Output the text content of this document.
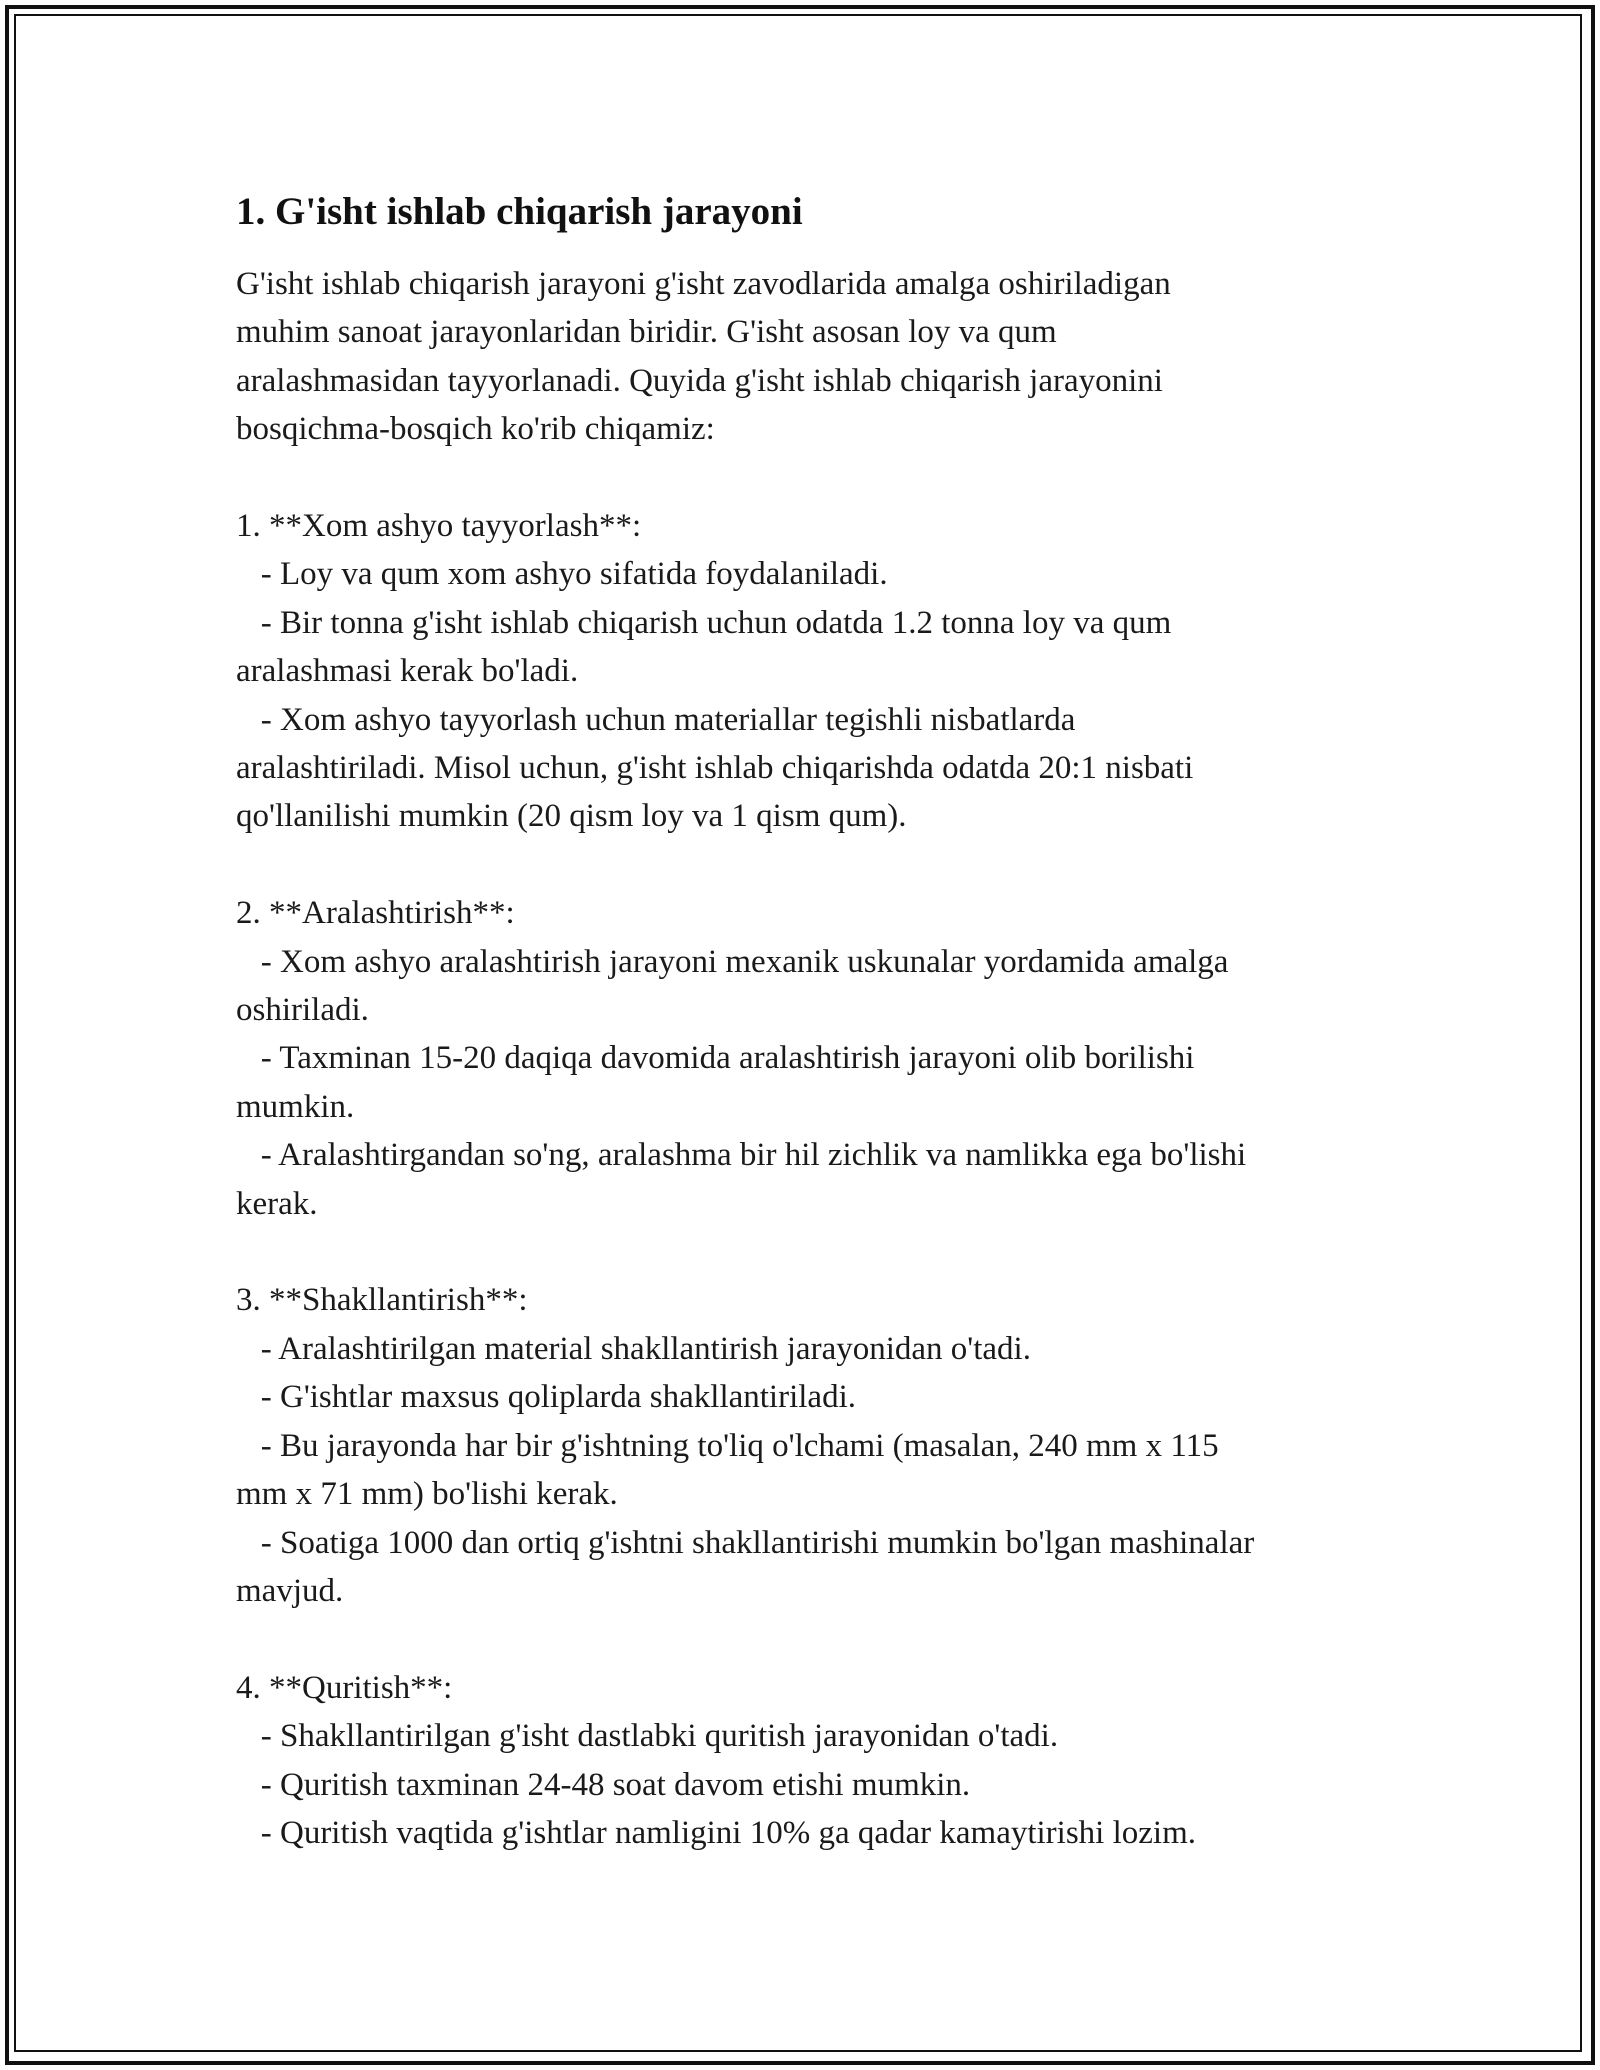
1. G'isht ishlab chiqarish jarayoni

G'isht ishlab chiqarish jarayoni g'isht zavodlarida amalga oshiriladigan

muhim sanoat jarayonlaridan biridir. G'isht asosan loy va qum

aralashmasidan tayyorlanadi. Quyida g'isht ishlab chiqarish jarayonini

bosqichma-bosqich ko'rib chiqamiz:

1. **Xom ashyo tayyorlash**:

- Loy va qum xom ashyo sifatida foydalaniladi.

- Bir tonna g'isht ishlab chiqarish uchun odatda 1.2 tonna loy va qum

aralashmasi kerak bo'ladi.

- Xom ashyo tayyorlash uchun materiallar tegishli nisbatlarda

aralashtiriladi. Misol uchun, g'isht ishlab chiqarishda odatda 20:1 nisbati

qo'llanilishi mumkin (20 qism loy va 1 qism qum).

2. **Aralashtirish**:

- Xom ashyo aralashtirish jarayoni mexanik uskunalar yordamida amalga

oshiriladi.

- Taxminan 15-20 daqiqa davomida aralashtirish jarayoni olib borilishi

mumkin.

- Aralashtirgandan so'ng, aralashma bir hil zichlik va namlikka ega bo'lishi

kerak.

3. **Shakllantirish**:

- Aralashtirilgan material shakllantirish jarayonidan o'tadi.

- G'ishtlar maxsus qoliplarda shakllantiriladi.

- Bu jarayonda har bir g'ishtning to'liq o'lchami (masalan, 240 mm x 115

mm x 71 mm) bo'lishi kerak.

- Soatiga 1000 dan ortiq g'ishtni shakllantirishi mumkin bo'lgan mashinalar

mavjud.

4. **Quritish**:

- Shakllantirilgan g'isht dastlabki quritish jarayonidan o'tadi.

- Quritish taxminan 24-48 soat davom etishi mumkin.

- Quritish vaqtida g'ishtlar namligini 10% ga qadar kamaytirishi lozim.
